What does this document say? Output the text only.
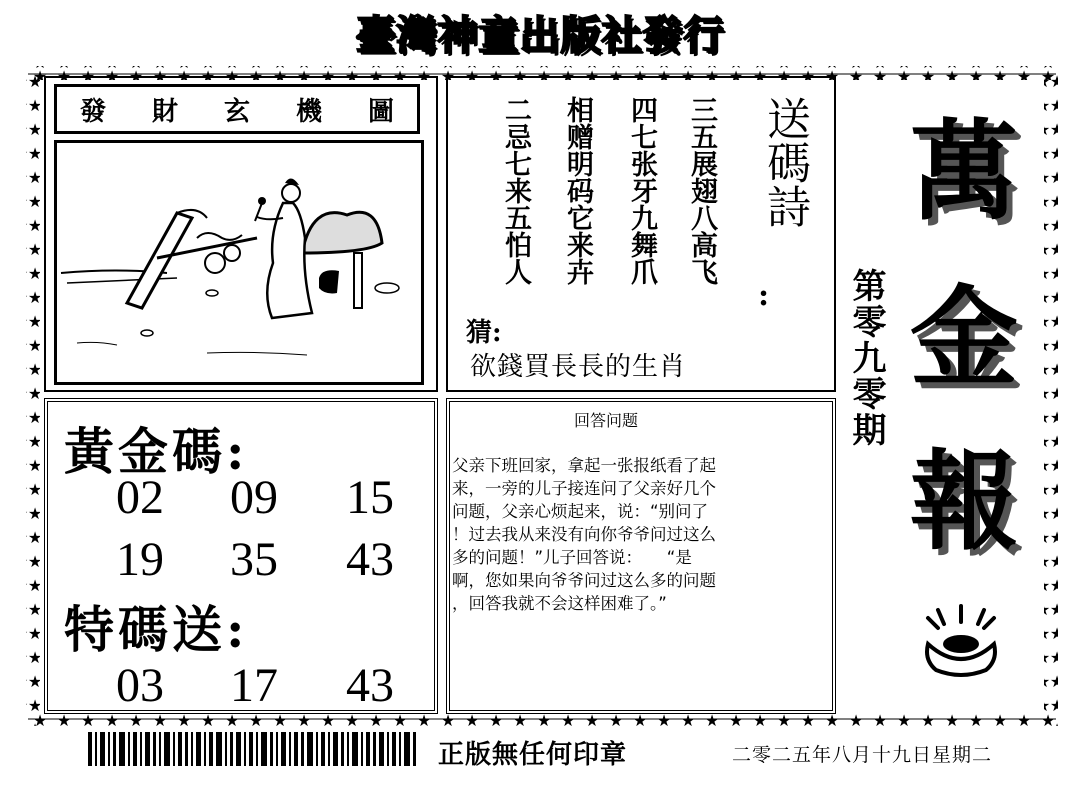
臺灣神童出版社發行
發 財 玄 機 圖	三五展翅八高飞
四七张牙九舞爪
相赠明码它来卉
二忌七来五怕人	送碼詩
:
猜:
欲錢買長長的生肖
黃金碼:
02	09	15
19	35	43
特碼送:
03	17	43
回答问题
父亲下班回家，拿起一张报纸看了起
来，一旁的儿子接连问了父亲好几个
问题，父亲心烦起来，说：“别问了
！过去我从来没有向你爷爷问过这么
多的问题！”儿子回答说：　　“是
啊，您如果向爷爷问过这么多的问题
，回答我就不会这样困难了。”
萬
金
報
第零九零期
正版無任何印章	二零二五年八月十九日星期二
